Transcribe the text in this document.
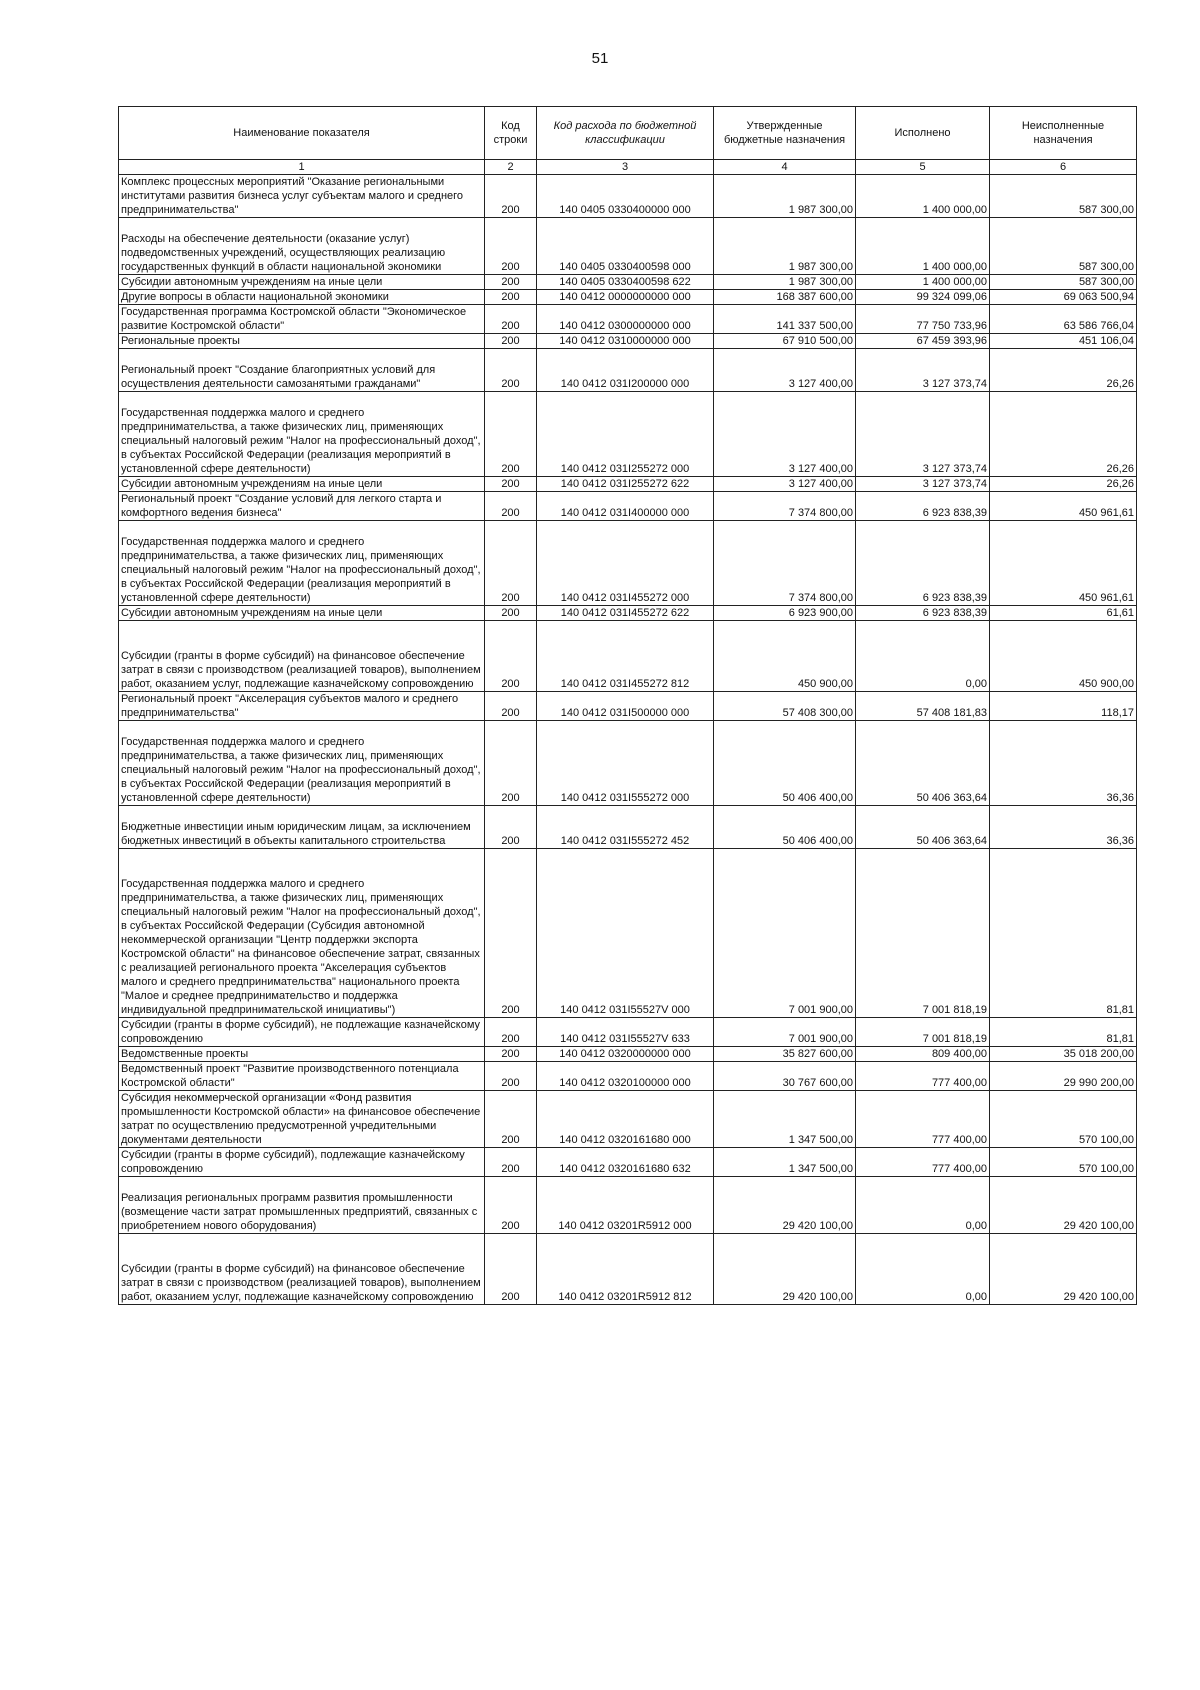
51
Наименование показателя	Код строки	Код расхода по бюджетной классификации	Утвержденные бюджетные назначения	Исполнено	Неисполненные назначения
1	2	3	4	5	6
Комплекс процессных мероприятий "Оказание региональными институтами развития бизнеса услуг субъектам малого и среднего предпринимательства"	200	140 0405 0330400000 000	1 987 300,00	1 400 000,00	587 300,00
Расходы на обеспечение деятельности (оказание услуг) подведомственных учреждений, осуществляющих реализацию государственных функций в области национальной экономики	200	140 0405 0330400598 000	1 987 300,00	1 400 000,00	587 300,00
Субсидии автономным учреждениям на иные цели	200	140 0405 0330400598 622	1 987 300,00	1 400 000,00	587 300,00
Другие вопросы в области национальной экономики	200	140 0412 0000000000 000	168 387 600,00	99 324 099,06	69 063 500,94
Государственная программа Костромской области "Экономическое развитие Костромской области"	200	140 0412 0300000000 000	141 337 500,00	77 750 733,96	63 586 766,04
Региональные проекты	200	140 0412 0310000000 000	67 910 500,00	67 459 393,96	451 106,04
Региональный проект "Создание благоприятных условий для осуществления деятельности самозанятыми гражданами"	200	140 0412 031I200000 000	3 127 400,00	3 127 373,74	26,26
Государственная поддержка малого и среднего предпринимательства, а также физических лиц, применяющих специальный налоговый режим "Налог на профессиональный доход", в субъектах Российской Федерации (реализация мероприятий в установленной сфере деятельности)	200	140 0412 031I255272 000	3 127 400,00	3 127 373,74	26,26
Субсидии автономным учреждениям на иные цели	200	140 0412 031I255272 622	3 127 400,00	3 127 373,74	26,26
Региональный проект "Создание условий для легкого старта и комфортного ведения бизнеса"	200	140 0412 031I400000 000	7 374 800,00	6 923 838,39	450 961,61
Государственная поддержка малого и среднего предпринимательства, а также физических лиц, применяющих специальный налоговый режим "Налог на профессиональный доход", в субъектах Российской Федерации (реализация мероприятий в установленной сфере деятельности)	200	140 0412 031I455272 000	7 374 800,00	6 923 838,39	450 961,61
Субсидии автономным учреждениям на иные цели	200	140 0412 031I455272 622	6 923 900,00	6 923 838,39	61,61
Субсидии (гранты в форме субсидий) на финансовое обеспечение затрат в связи с производством (реализацией товаров), выполнением работ, оказанием услуг, подлежащие казначейскому сопровождению	200	140 0412 031I455272 812	450 900,00	0,00	450 900,00
Региональный проект "Акселерация субъектов малого и среднего предпринимательства"	200	140 0412 031I500000 000	57 408 300,00	57 408 181,83	118,17
Государственная поддержка малого и среднего предпринимательства, а также физических лиц, применяющих специальный налоговый режим "Налог на профессиональный доход", в субъектах Российской Федерации (реализация мероприятий в установленной сфере деятельности)	200	140 0412 031I555272 000	50 406 400,00	50 406 363,64	36,36
Бюджетные инвестиции иным юридическим лицам, за исключением бюджетных инвестиций в объекты капитального строительства	200	140 0412 031I555272 452	50 406 400,00	50 406 363,64	36,36
Государственная поддержка малого и среднего предпринимательства, а также физических лиц, применяющих специальный налоговый режим "Налог на профессиональный доход", в субъектах Российской Федерации (Субсидия автономной некоммерческой организации "Центр поддержки экспорта Костромской области" на финансовое обеспечение затрат, связанных с реализацией регионального проекта "Акселерация субъектов малого и среднего предпринимательства" национального проекта "Малое и среднее предпринимательство и поддержка индивидуальной предпринимательской инициативы")	200	140 0412 031I55527V 000	7 001 900,00	7 001 818,19	81,81
Субсидии (гранты в форме субсидий), не подлежащие казначейскому сопровождению	200	140 0412 031I55527V 633	7 001 900,00	7 001 818,19	81,81
Ведомственные проекты	200	140 0412 0320000000 000	35 827 600,00	809 400,00	35 018 200,00
Ведомственный проект "Развитие производственного потенциала Костромской области"	200	140 0412 0320100000 000	30 767 600,00	777 400,00	29 990 200,00
Субсидия некоммерческой организации «Фонд развития промышленности Костромской области» на финансовое обеспечение затрат по осуществлению предусмотренной учредительными документами деятельности	200	140 0412 0320161680 000	1 347 500,00	777 400,00	570 100,00
Субсидии (гранты в форме субсидий), подлежащие казначейскому сопровождению	200	140 0412 0320161680 632	1 347 500,00	777 400,00	570 100,00
Реализация региональных программ развития промышленности (возмещение части затрат промышленных предприятий, связанных с приобретением нового оборудования)	200	140 0412 03201R5912 000	29 420 100,00	0,00	29 420 100,00
Субсидии (гранты в форме субсидий) на финансовое обеспечение затрат в связи с производством (реализацией товаров), выполнением работ, оказанием услуг, подлежащие казначейскому сопровождению	200	140 0412 03201R5912 812	29 420 100,00	0,00	29 420 100,00
